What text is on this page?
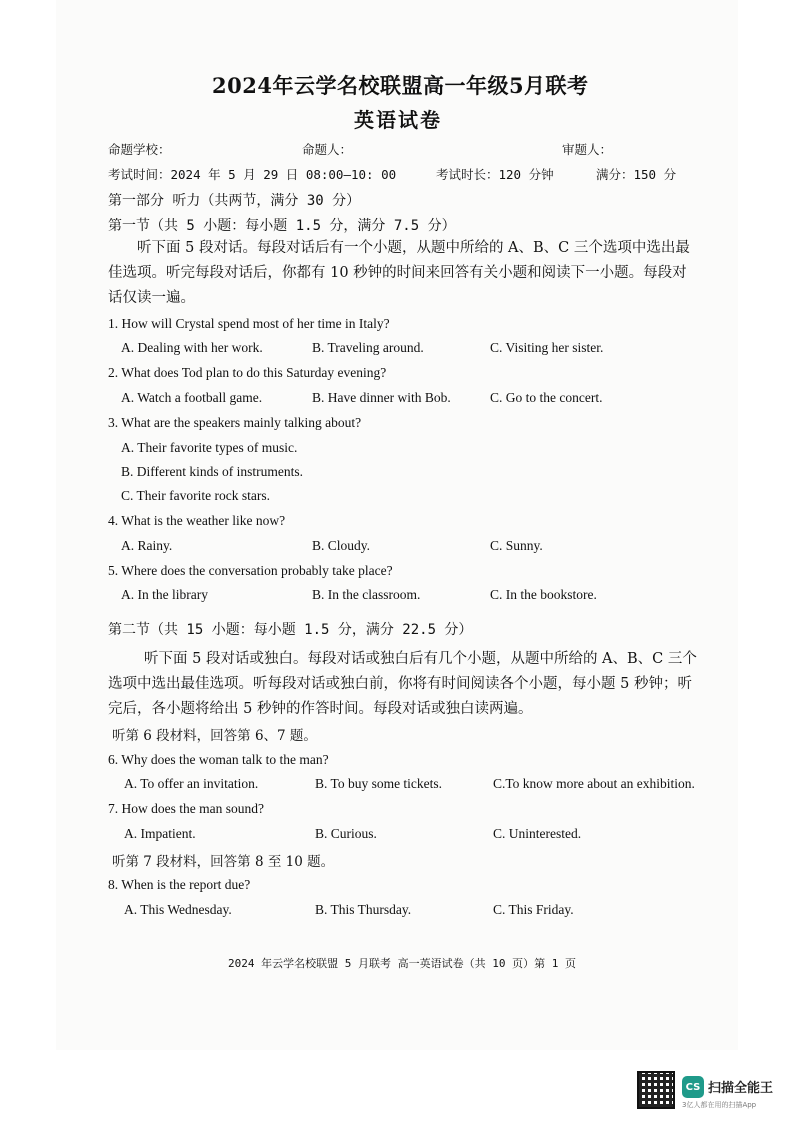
2024年云学名校联盟高一年级5月联考
英语试卷
命题学校：	命题人：	审题人：
考试时间：2024 年 5 月 29 日 08:00—10: 00	考试时长：120 分钟	满分：150 分
第一部分 听力（共两节，满分 30 分）
第一节（共 5 小题：每小题 1.5 分，满分 7.5 分）
听下面 5 段对话。每段对话后有一个小题，从题中所给的 A、B、C 三个选项中选出最佳选项。听完每段对话后，你都有 10 秒钟的时间来回答有关小题和阅读下一小题。每段对话仅读一遍。
1. How will Crystal spend most of her time in Italy?
A. Dealing with her work.	B. Traveling around.	C. Visiting her sister.
2. What does Tod plan to do this Saturday evening?
A. Watch a football game.	B. Have dinner with Bob.	C. Go to the concert.
3. What are the speakers mainly talking about?
A. Their favorite types of music.
B. Different kinds of instruments.
C. Their favorite rock stars.
4. What is the weather like now?
A. Rainy.	B. Cloudy.	C. Sunny.
5. Where does the conversation probably take place?
A. In the library	B. In the classroom.	C. In the bookstore.
第二节（共 15 小题：每小题 1.5 分，满分 22.5 分）
听下面 5 段对话或独白。每段对话或独白后有几个小题，从题中所给的 A、B、C 三个选项中选出最佳选项。听每段对话或独白前，你将有时间阅读各个小题，每小题 5 秒钟；听完后，各小题将给出 5 秒钟的作答时间。每段对话或独白读两遍。
听第 6 段材料，回答第 6、7 题。
6. Why does the woman talk to the man?
A. To offer an invitation.	B. To buy some tickets.	C.To know more about an exhibition.
7. How does the man sound?
A. Impatient.	B. Curious.	C. Uninterested.
听第 7 段材料，回答第 8 至 10 题。
8. When is the report due?
A. This Wednesday.	B. This Thursday.	C. This Friday.
2024 年云学名校联盟 5 月联考 高一英语试卷（共 10 页）第 1 页
CS 扫描全能王
3亿人都在用的扫描App
